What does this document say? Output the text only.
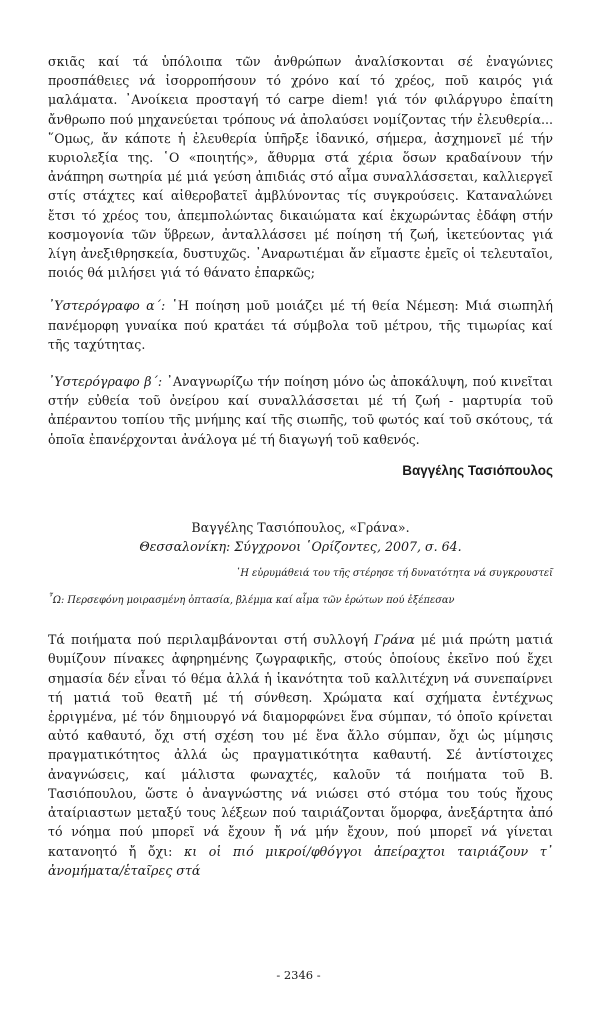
σκιᾶς καί τά ὑπόλοιπα τῶν ἀνθρώπων ἀναλίσκονται σέ ἐναγώνιες προσπάθειες νά ἰσορροπήσουν τό χρόνο καί τό χρέος, ποῦ καιρός γιά μαλάματα. ᾽Ανοίκεια προσταγή τό carpe diem! γιά τόν φιλάργυρο ἐπαίτη ἄνθρωπο πού μηχανεύεται τρόπους νά ἀπολαύσει νομίζοντας τήν ἐλευθερία... ῞Ομως, ἄν κάποτε ἡ ἐλευθερία ὑπῆρξε ἰδανικό, σήμερα, ἀσχημονεῖ μέ τήν κυριολεξία της. ῾Ο «ποιητής», ἄθυρμα στά χέρια ὅσων κραδαίνουν τήν ἀνάπηρη σωτηρία μέ μιά γεύση ἀπιδιάς στό αἷμα συναλλάσσεται, καλλιεργεῖ στίς στάχτες καί αἰθεροβατεῖ ἀμβλύνοντας τίς συγκρούσεις. Καταναλώνει ἔτσι τό χρέος του, ἀπεμπολώντας δικαιώματα καί ἐκχωρώντας ἐδάφη στήν κοσμογονία τῶν ὕβρεων, ἀνταλλάσσει μέ ποίηση τή ζωή, ἱκετεύοντας γιά λίγη ἀνεξιθρησκεία, δυστυχῶς. ᾽Αναρωτιέμαι ἄν εἴμαστε ἐμεῖς οἱ τελευταῖοι, ποιός θά μιλήσει γιά τό θάνατο ἐπαρκῶς;

᾽Υστερόγραφο α΄: ῾Η ποίηση μοῦ μοιάζει μέ τή θεία Νέμεση: Μιά σιωπηλή πανέμορφη γυναίκα πού κρατάει τά σύμβολα τοῦ μέτρου, τῆς τιμωρίας καί τῆς ταχύτητας.

᾽Υστερόγραφο β΄: ᾽Αναγνωρίζω τήν ποίηση μόνο ὡς ἀποκάλυψη, πού κινεῖται στήν εὐθεία τοῦ ὀνείρου καί συναλλάσσεται μέ τή ζωή - μαρτυρία τοῦ ἀπέραντου τοπίου τῆς μνήμης καί τῆς σιωπῆς, τοῦ φωτός καί τοῦ σκότους, τά ὁποῖα ἐπανέρχονται ἀνάλογα μέ τή διαγωγή τοῦ καθενός.

Βαγγέλης Τασιόπουλος
Βαγγέλης Τασιόπουλος, «Γράνα».
Θεσσαλονίκη: Σύγχρονοι ῾Ορίζοντες, 2007, σ. 64.
῾Η εὐρυμάθειά του τῆς στέρησε τή δυνατότητα νά συγκρουστεῖ
῏Ω: Περσεφόνη μοιρασμένη ὀπτασία, βλέμμα καί αἷμα τῶν ἐρώτων πού ἐξέπεσαν

Τά ποιήματα πού περιλαμβάνονται στή συλλογή Γράνα μέ μιά πρώτη ματιά θυμίζουν πίνακες ἀφηρημένης ζωγραφικῆς, στούς ὁποίους ἐκεῖνο πού ἔχει σημασία δέν εἶναι τό θέμα ἀλλά ἡ ἱκανότητα τοῦ καλλιτέχνη νά συνεπαίρνει τή ματιά τοῦ θεατῆ μέ τή σύνθεση. Χρώματα καί σχήματα ἐντέχνως ἐρριγμένα, μέ τόν δημιουργό νά διαμορφώνει ἕνα σύμπαν, τό ὁποῖο κρίνεται αὐτό καθαυτό, ὄχι στή σχέση του μέ ἕνα ἄλλο σύμπαν, ὄχι ὡς μίμησις πραγματικότητος ἀλλά ὡς πραγματικότητα καθαυτή. Σέ ἀντίστοιχες ἀναγνώσεις, καί μάλιστα φωναχτές, καλοῦν τά ποιήματα τοῦ Β. Τασιόπουλου, ὥστε ὁ ἀναγνώστης νά νιώσει στό στόμα του τούς ἤχους ἀταίριαστων μεταξύ τους λέξεων πού ταιριάζονται ὅμορφα, ἀνεξάρτητα ἀπό τό νόημα πού μπορεῖ νά ἔχουν ἤ νά μήν ἔχουν, πού μπορεῖ νά γίνεται κατανοητό ἤ ὄχι: κι οἱ πιό μικροί/φθόγγοι ἀπείραχτοι ταιριάζουν τ᾽ ἀνομήματα/ἑταῖρες στά

- 2346 -
